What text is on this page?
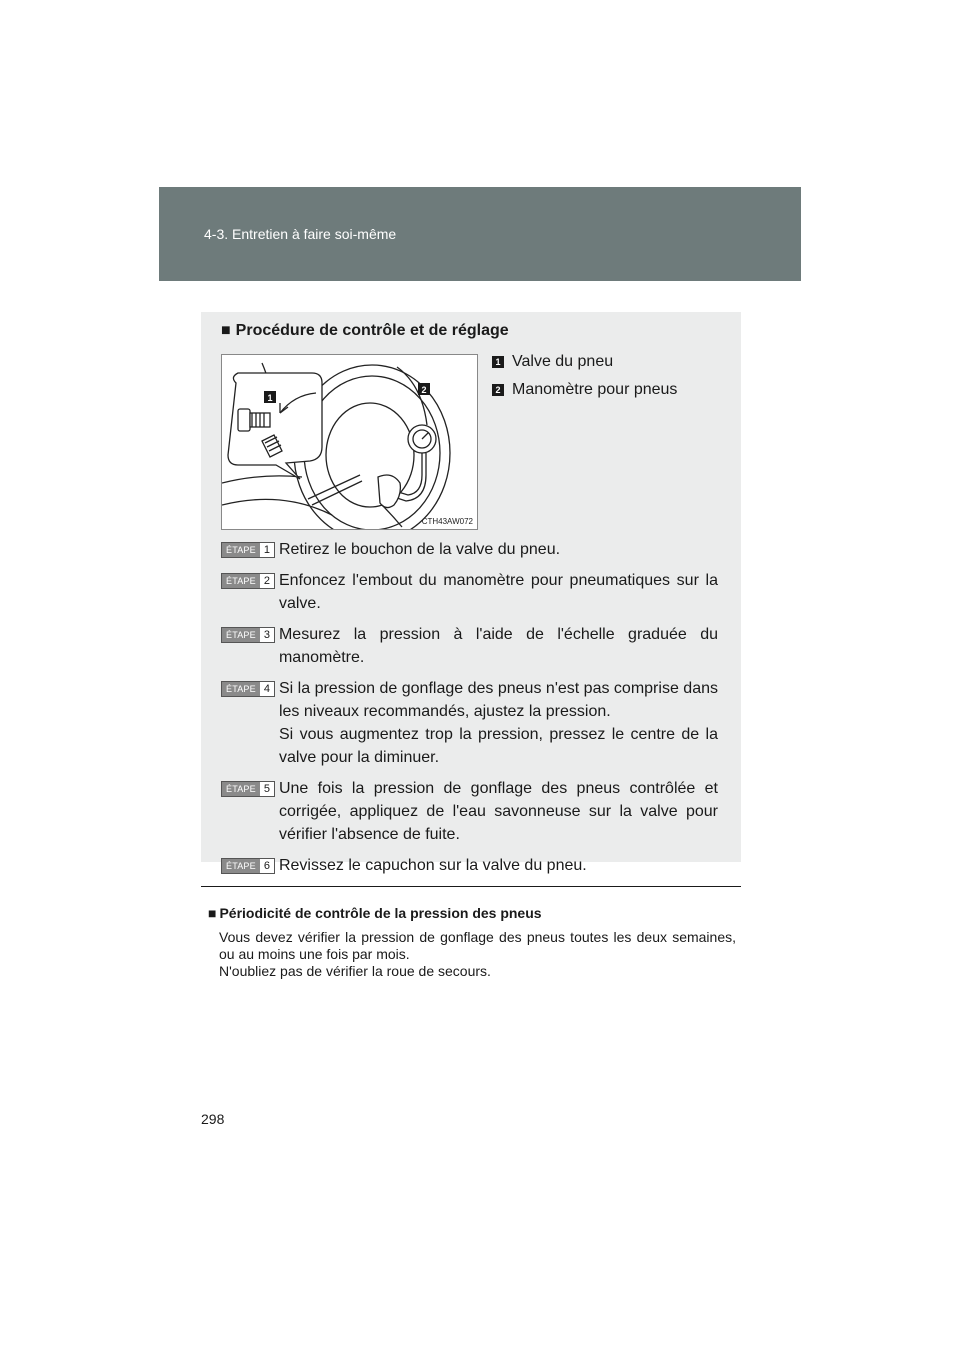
4-3. Entretien à faire soi-même
■ Procédure de contrôle et de réglage
1
2
CTH43AW072
1 Valve du pneu
2 Manomètre pour pneus
ÉTAPE 1 Retirez le bouchon de la valve du pneu.
ÉTAPE 2 Enfoncez l'embout du manomètre pour pneumatiques sur la valve.
ÉTAPE 3 Mesurez la pression à l'aide de l'échelle graduée du manomètre.
ÉTAPE 4 Si la pression de gonflage des pneus n'est pas comprise dans les niveaux recommandés, ajustez la pression.
Si vous augmentez trop la pression, pressez le centre de la valve pour la diminuer.
ÉTAPE 5 Une fois la pression de gonflage des pneus contrôlée et corrigée, appliquez de l'eau savonneuse sur la valve pour vérifier l'absence de fuite.
ÉTAPE 6 Revissez le capuchon sur la valve du pneu.
■ Périodicité de contrôle de la pression des pneus
Vous devez vérifier la pression de gonflage des pneus toutes les deux semaines, ou au moins une fois par mois.
N'oubliez pas de vérifier la roue de secours.
298
